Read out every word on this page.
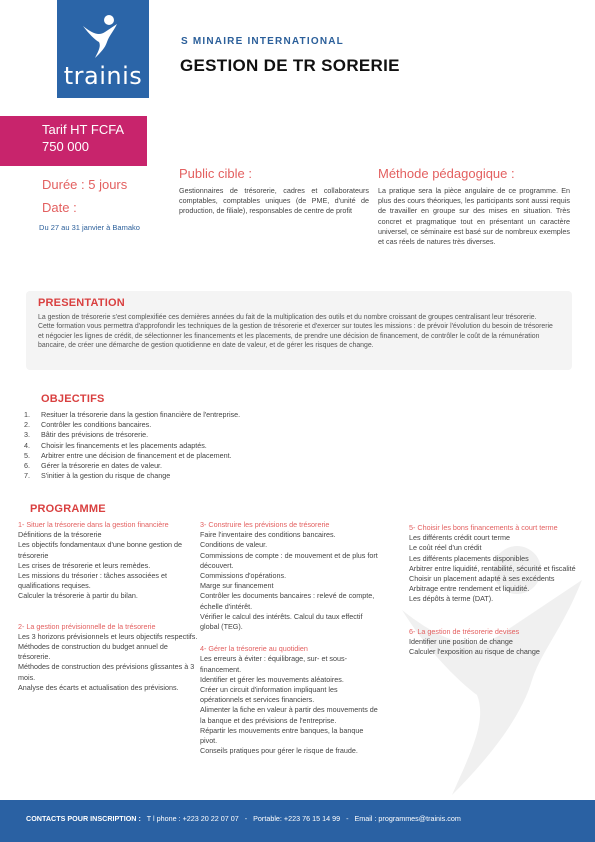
trainis
S MINAIRE INTERNATIONAL
GESTION DE TR SORERIE
Tarif HT FCFA
750 000
Durée : 5 jours
Date :
Du 27 au 31 janvier à Bamako
Public cible :
Gestionnaires de trésorerie, cadres et collaborateurs comptables, comptables uniques (de PME, d'unité de production, de filiale), responsables de centre de profit
Méthode pédagogique :
La pratique sera la pièce angulaire de ce programme. En plus des cours théoriques, les participants sont aussi requis de travailler en groupe sur des mises en situation. Très concret et pragmatique tout en présentant un caractère universel, ce séminaire est basé sur de nombreux exemples et cas réels de natures très diverses.
PRESENTATION

La gestion de trésorerie s'est complexifiée ces dernières années du fait de la multiplication des outils et du nombre croissant de groupes centralisant leur trésorerie.

Cette formation vous permettra d'approfondir les techniques de la gestion de trésorerie et d'exercer sur toutes les missions : de prévoir l'évolution du besoin de trésorerie et négocier les lignes de crédit, de sélectionner les financements et les placements, de prendre une décision de financement, de contrôler le coût de la rémunération bancaire, de créer une démarche de gestion quotidienne en date de valeur, et de gérer les risques de change.

OBJECTIFS
1. Resituer la trésorerie dans la gestion financière de l'entreprise.
2. Contrôler les conditions bancaires.
3. Bâtir des prévisions de trésorerie.
4. Choisir les financements et les placements adaptés.
5. Arbitrer entre une décision de financement et de placement.
6. Gérer la trésorerie en dates de valeur.
7. S'initier à la gestion du risque de change
PROGRAMME

1- Situer la trésorerie dans la gestion financière

Définitions de la trésorerie

Les objectifs fondamentaux d'une bonne gestion de trésorerie

Les crises de trésorerie et leurs remèdes.

Les missions du trésorier : tâches associées et qualifications requises.

Calculer la trésorerie à partir du bilan.

2- La gestion prévisionnelle de la trésorerie

Les 3 horizons prévisionnels et leurs objectifs respectifs.

Méthodes de construction du budget annuel de trésorerie.

Méthodes de construction des prévisions glissantes à 3 mois.

Analyse des écarts et actualisation des prévisions.

3- Construire les prévisions de trésorerie

Faire l'inventaire des conditions bancaires.

Conditions de valeur.

Commissions de compte : de mouvement et de plus fort découvert.

Commissions d'opérations.

Marge sur financement

Contrôler les documents bancaires : relevé de compte, échelle d'intérêt.

Vérifier le calcul des intérêts. Calcul du taux effectif global (TEG).

4- Gérer la trésorerie au quotidien

Les erreurs à éviter : équilibrage, sur- et sous-financement.

Identifier et gérer les mouvements aléatoires.

Créer un circuit d'information impliquant les opérationnels et services financiers.

Alimenter la fiche en valeur à partir des mouvements de la banque et des prévisions de l'entreprise.

Répartir les mouvements entre banques, la banque pivot.

Conseils pratiques pour gérer le risque de fraude.

5- Choisir les bons financements à court terme

Les différents crédit court terme

Le coût réel d'un crédit

Les différents placements disponibles

Arbitrer entre liquidité, rentabilité, sécurité et fiscalité

Choisir un placement adapté à ses excédents

Arbitrage entre rendement et liquidité.

Les dépôts à terme (DAT).

6- La gestion de trésorerie devises

Identifier une position de change

Calculer l'exposition au risque de change

CONTACTS POUR INSCRIPTION : T l phone : +223 20 22 07 07 - Portable: +223 76 15 14 99 - Email : programmes@trainis.com
